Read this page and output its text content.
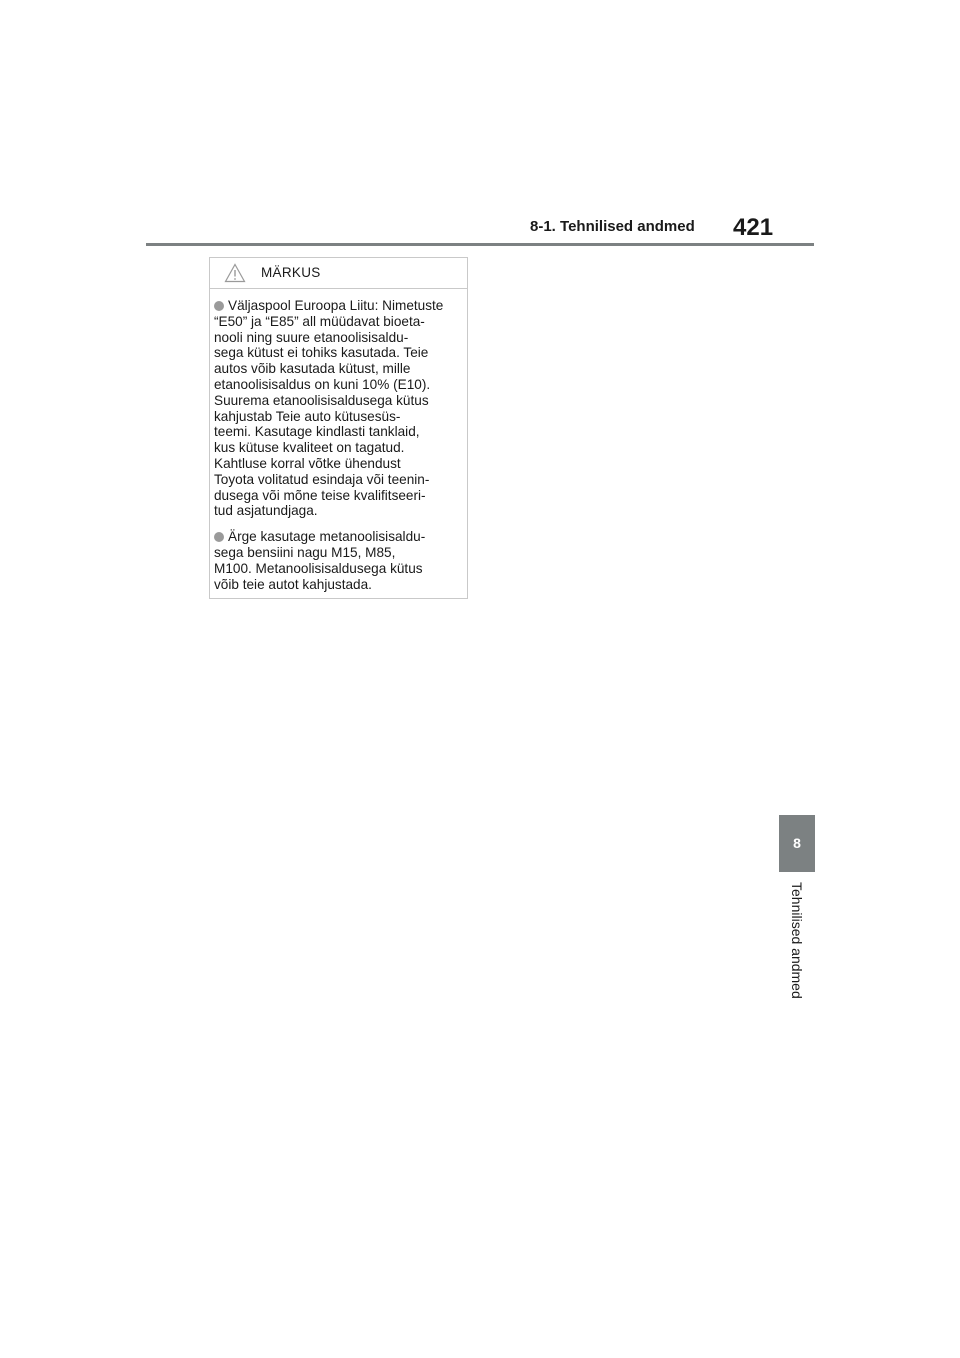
8-1. Tehnilised andmed 421
MÄRKUS
Väljaspool Euroopa Liitu: Nimetuste
“E50” ja “E85” all müüdavat bioeta-
nooli ning suure etanoolisisaldu-
sega kütust ei tohiks kasutada. Teie
autos võib kasutada kütust, mille
etanoolisisaldus on kuni 10% (E10).
Suurema etanoolisisaldusega kütus
kahjustab Teie auto kütusesüs-
teemi. Kasutage kindlasti tanklaid,
kus kütuse kvaliteet on tagatud.
Kahtluse korral võtke ühendust
Toyota volitatud esindaja või teenin-
dusega või mõne teise kvalifitseeri-
tud asjatundjaga.
Ärge kasutage metanoolisisaldu-
sega bensiini nagu M15, M85,
M100. Metanoolisisaldusega kütus
võib teie autot kahjustada.
8
Tehnilised andmed
